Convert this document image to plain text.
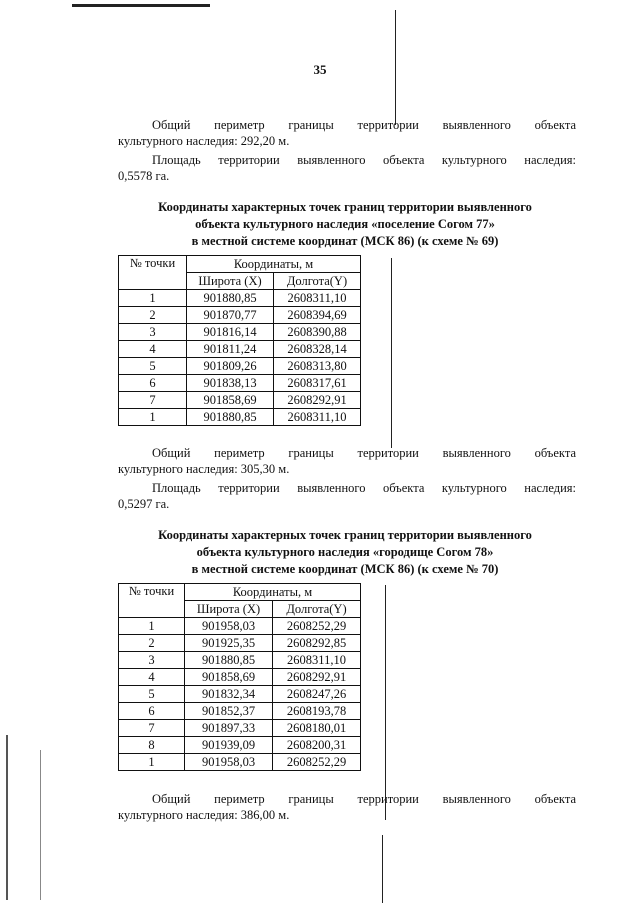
35
Общий периметр границы территории выявленного объекта
культурного наследия: 292,20 м.
Площадь территории выявленного объекта культурного наследия:
0,5578 га.
Координаты характерных точек границ территории выявленного
объекта культурного наследия «поселение Согом 77»
в местной системе координат (МСК 86) (к схеме № 69)
№ точки	Координаты, м	
	Широта (X)	Долгота(Y)
1	901880,85	2608311,10
2	901870,77	2608394,69
3	901816,14	2608390,88
4	901811,24	2608328,14
5	901809,26	2608313,80
6	901838,13	2608317,61
7	901858,69	2608292,91
1	901880,85	2608311,10
Общий периметр границы территории выявленного объекта
культурного наследия: 305,30 м.
Площадь территории выявленного объекта культурного наследия:
0,5297 га.
Координаты характерных точек границ территории выявленного
объекта культурного наследия «городище Согом 78»
в местной системе координат (МСК 86) (к схеме № 70)
№ точки	Координаты, м	
	Широта (X)	Долгота(Y)
1	901958,03	2608252,29
2	901925,35	2608292,85
3	901880,85	2608311,10
4	901858,69	2608292,91
5	901832,34	2608247,26
6	901852,37	2608193,78
7	901897,33	2608180,01
8	901939,09	2608200,31
1	901958,03	2608252,29
Общий периметр границы территории выявленного объекта
культурного наследия: 386,00 м.
